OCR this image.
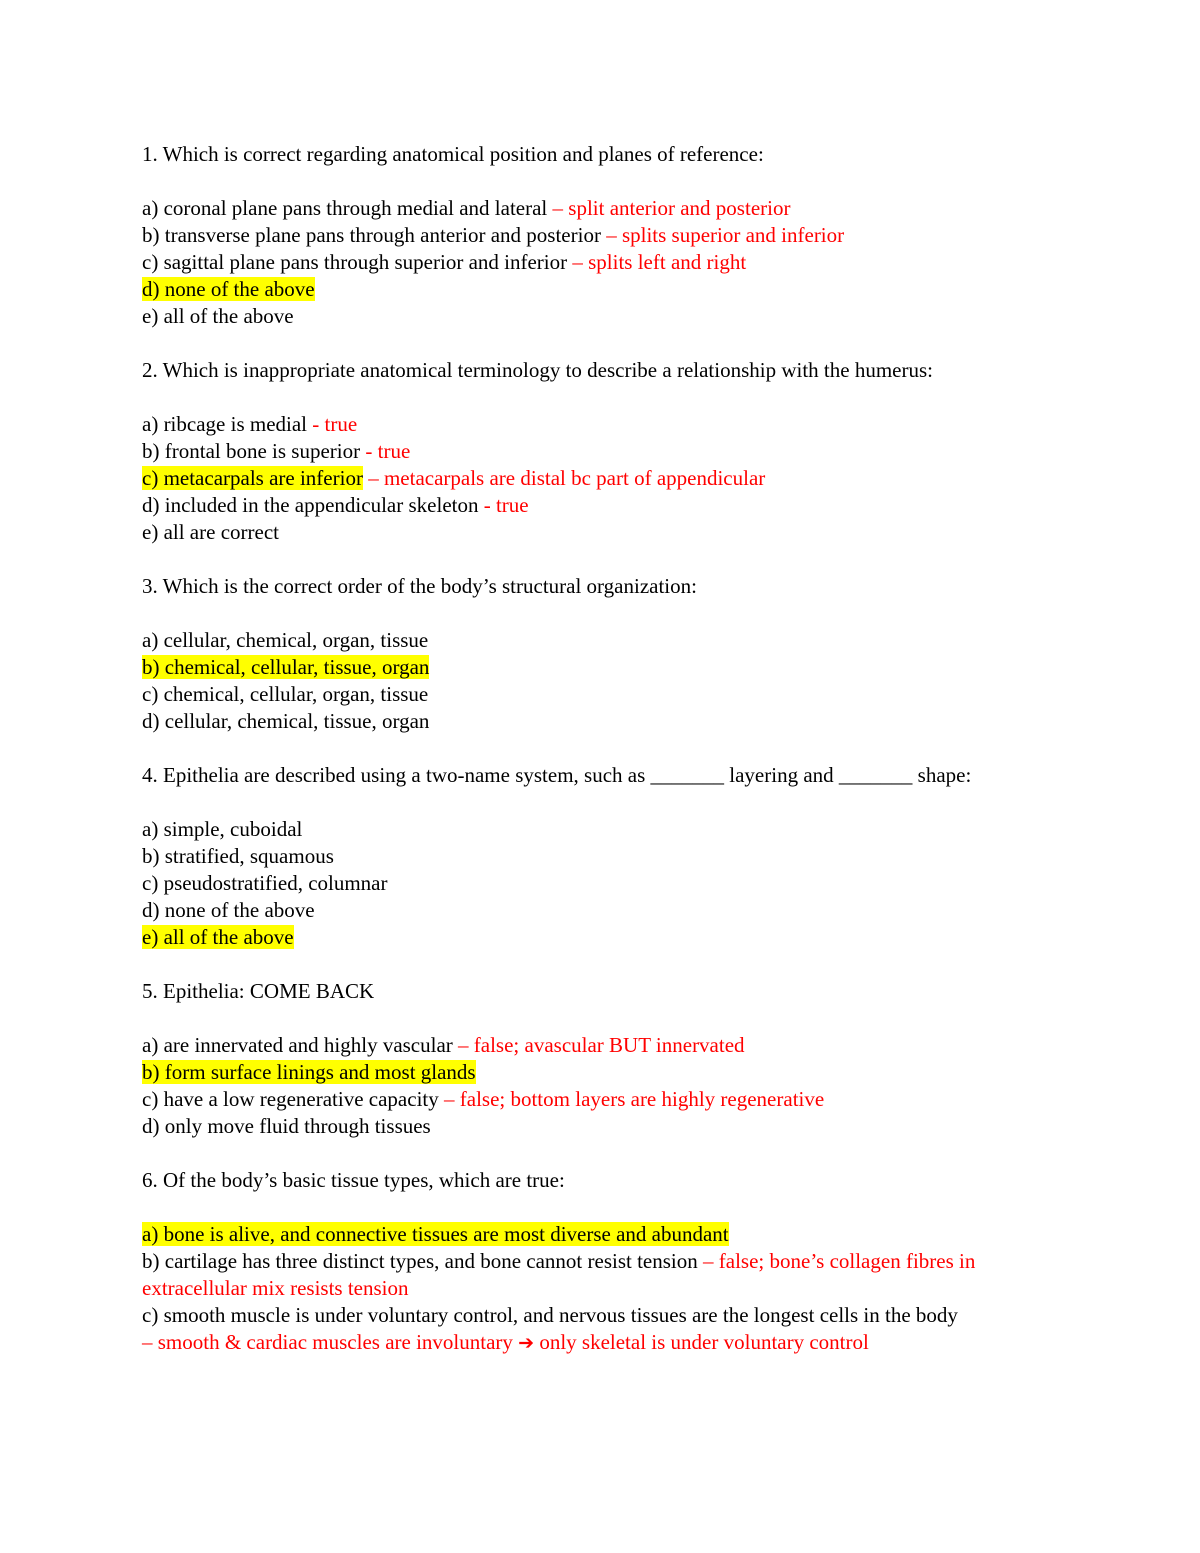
1. Which is correct regarding anatomical position and planes of reference:
a) coronal plane pans through medial and lateral – split anterior and posterior
b) transverse plane pans through anterior and posterior – splits superior and inferior
c) sagittal plane pans through superior and inferior – splits left and right
d) none of the above
e) all of the above
2. Which is inappropriate anatomical terminology to describe a relationship with the humerus:
a) ribcage is medial - true
b) frontal bone is superior - true
c) metacarpals are inferior – metacarpals are distal bc part of appendicular
d) included in the appendicular skeleton - true
e) all are correct
3. Which is the correct order of the body’s structural organization:
a) cellular, chemical, organ, tissue
b) chemical, cellular, tissue, organ
c) chemical, cellular, organ, tissue
d) cellular, chemical, tissue, organ
4. Epithelia are described using a two-name system, such as _______ layering and _______ shape:
a) simple, cuboidal
b) stratified, squamous
c) pseudostratified, columnar
d) none of the above
e) all of the above
5. Epithelia: COME BACK
a) are innervated and highly vascular – false; avascular BUT innervated
b) form surface linings and most glands
c) have a low regenerative capacity – false; bottom layers are highly regenerative
d) only move fluid through tissues
6. Of the body’s basic tissue types, which are true:
a) bone is alive, and connective tissues are most diverse and abundant
b) cartilage has three distinct types, and bone cannot resist tension – false; bone’s collagen fibres in extracellular mix resists tension
c) smooth muscle is under voluntary control, and nervous tissues are the longest cells in the body
– smooth & cardiac muscles are involuntary ➔ only skeletal is under voluntary control
